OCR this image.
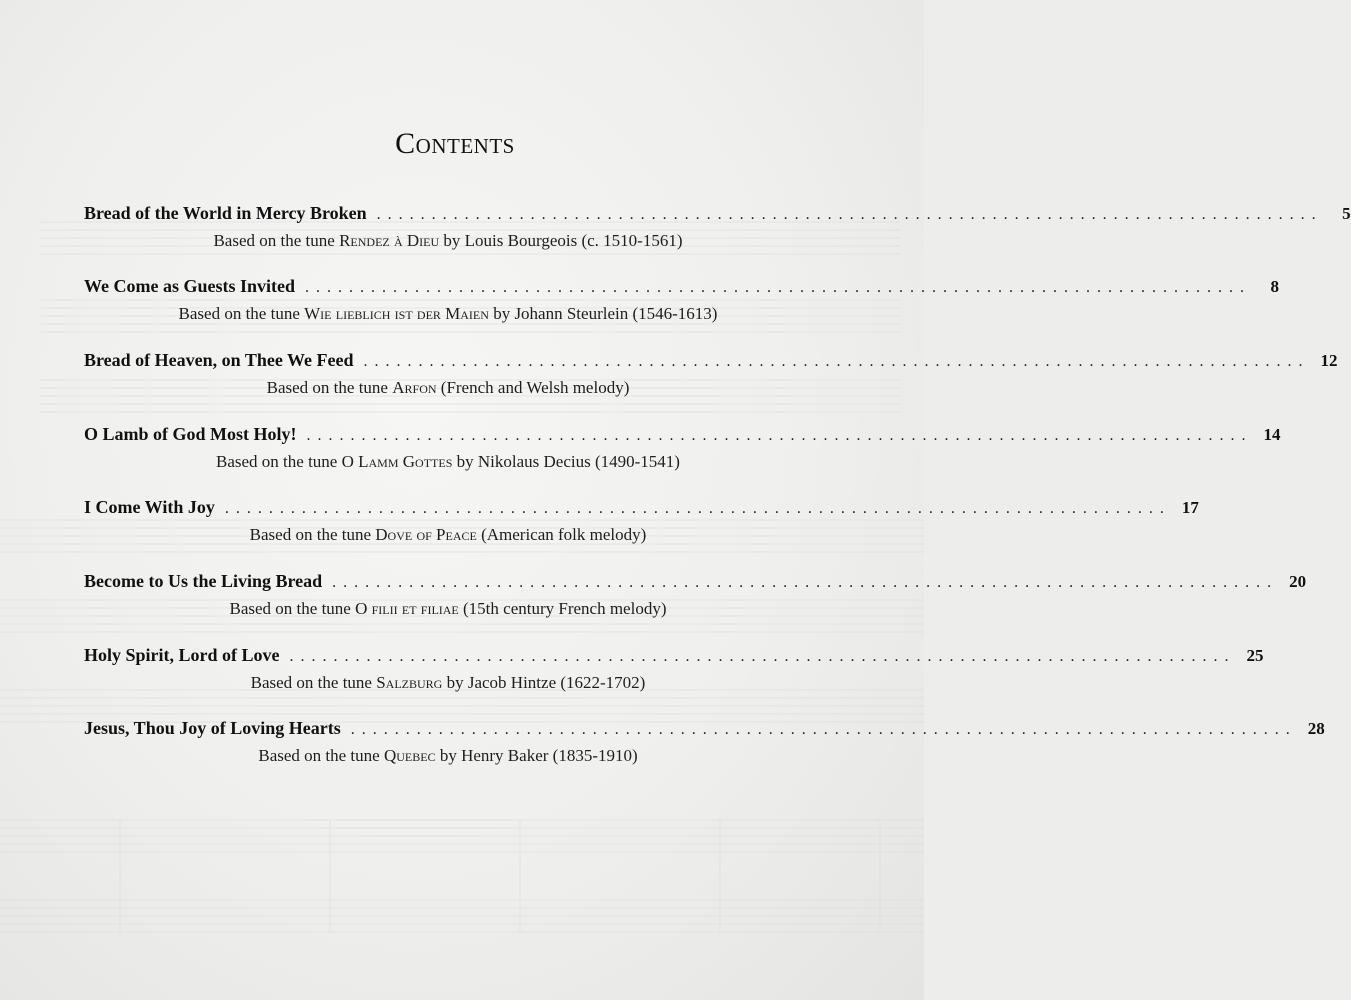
Contents
Bread of the World in Mercy Broken ......................................................................................	5
Based on the tune Rendez à Dieu by Louis Bourgeois (c. 1510-1561)
We Come as Guests Invited ......................................................................................	8
Based on the tune Wie lieblich ist der Maien by Johann Steurlein (1546-1613)
Bread of Heaven, on Thee We Feed ...................................................................................... 12
Based on the tune Arfon (French and Welsh melody)
O Lamb of God Most Holy! ...................................................................................... 14
Based on the tune O Lamm Gottes by Nikolaus Decius (1490-1541)
I Come With Joy ...................................................................................... 17
Based on the tune Dove of Peace (American folk melody)
Become to Us the Living Bread ...................................................................................... 20
Based on the tune O filii et filiae (15th century French melody)
Holy Spirit, Lord of Love ...................................................................................... 25
Based on the tune Salzburg by Jacob Hintze (1622-1702)
Jesus, Thou Joy of Loving Hearts ...................................................................................... 28
Based on the tune Quebec by Henry Baker (1835-1910)
